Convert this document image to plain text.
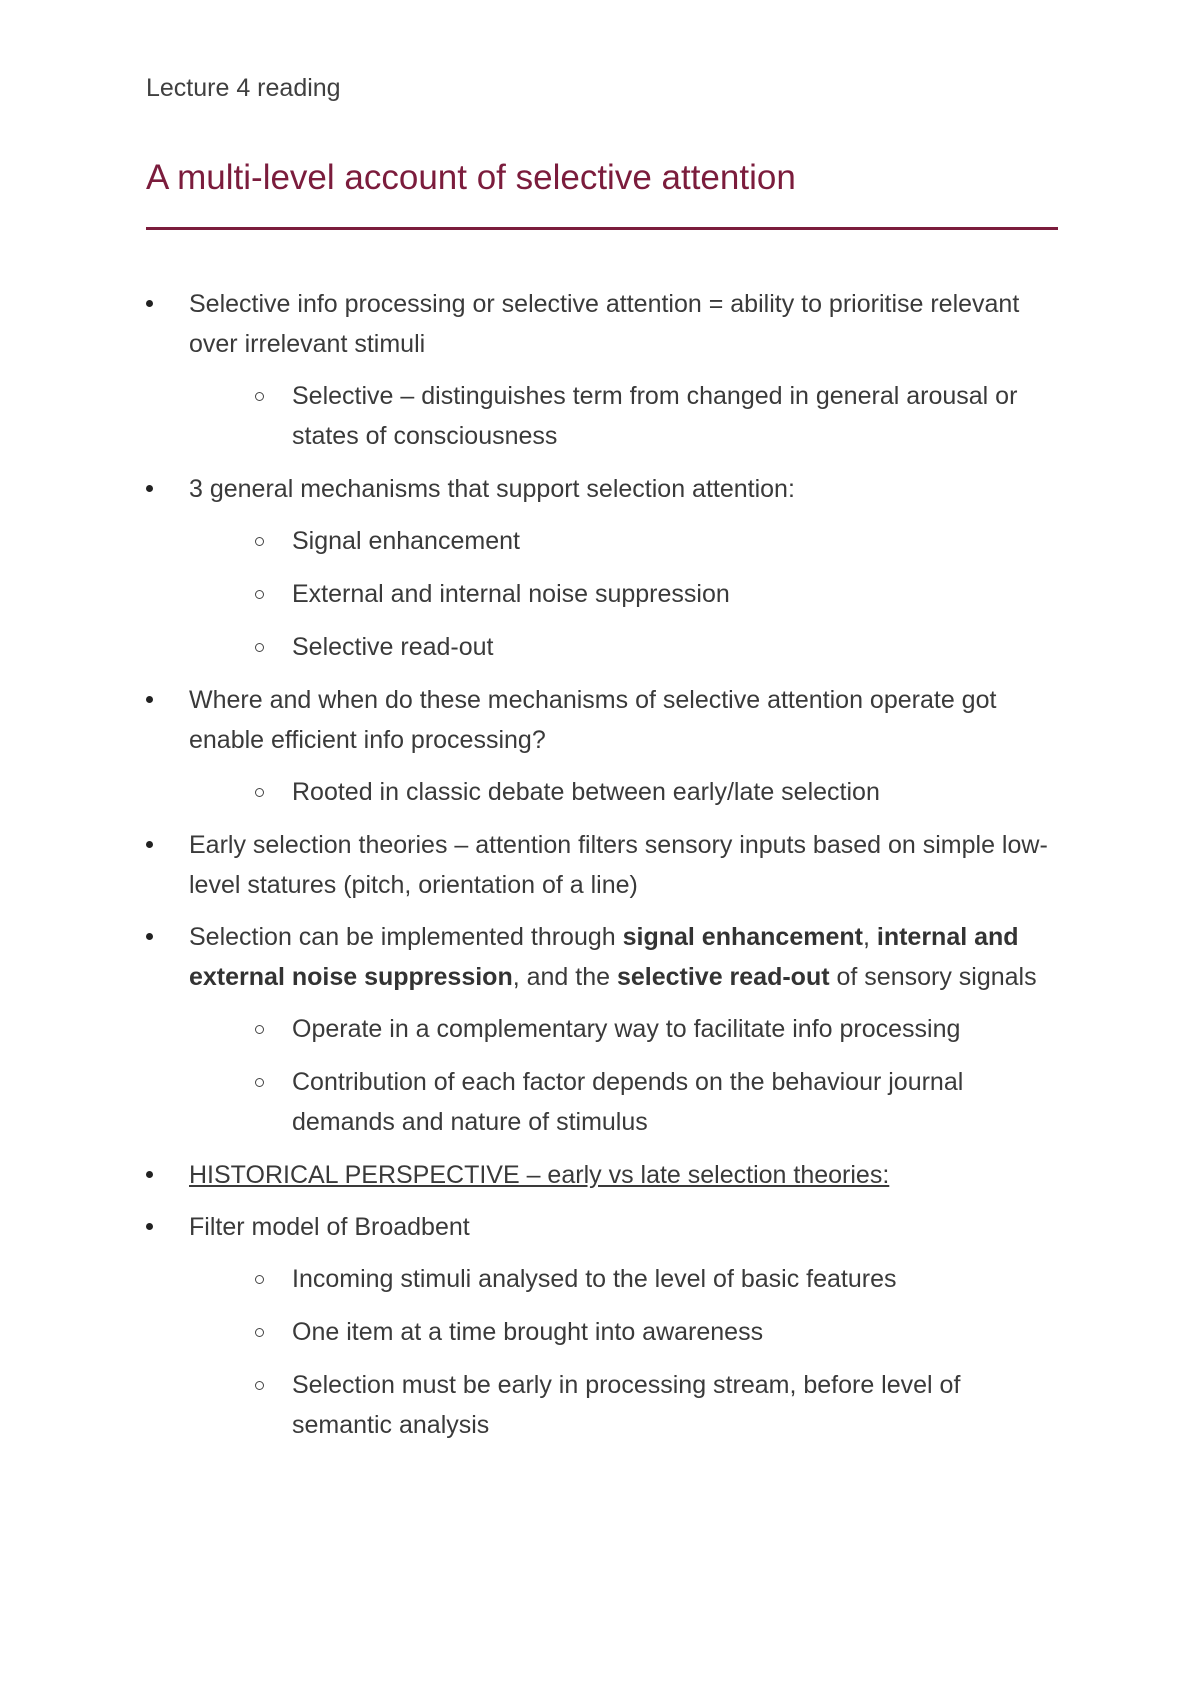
Lecture 4 reading
A multi-level account of selective attention
Selective info processing or selective attention = ability to prioritise relevant over irrelevant stimuli
Selective – distinguishes term from changed in general arousal or states of consciousness
3 general mechanisms that support selection attention:
Signal enhancement
External and internal noise suppression
Selective read-out
Where and when do these mechanisms of selective attention operate got enable efficient info processing?
Rooted in classic debate between early/late selection
Early selection theories – attention filters sensory inputs based on simple low-level statures (pitch, orientation of a line)
Selection can be implemented through signal enhancement, internal and external noise suppression, and the selective read-out of sensory signals
Operate in a complementary way to facilitate info processing
Contribution of each factor depends on the behaviour journal demands and nature of stimulus
HISTORICAL PERSPECTIVE – early vs late selection theories:
Filter model of Broadbent
Incoming stimuli analysed to the level of basic features
One item at a time brought into awareness
Selection must be early in processing stream, before level of semantic analysis
